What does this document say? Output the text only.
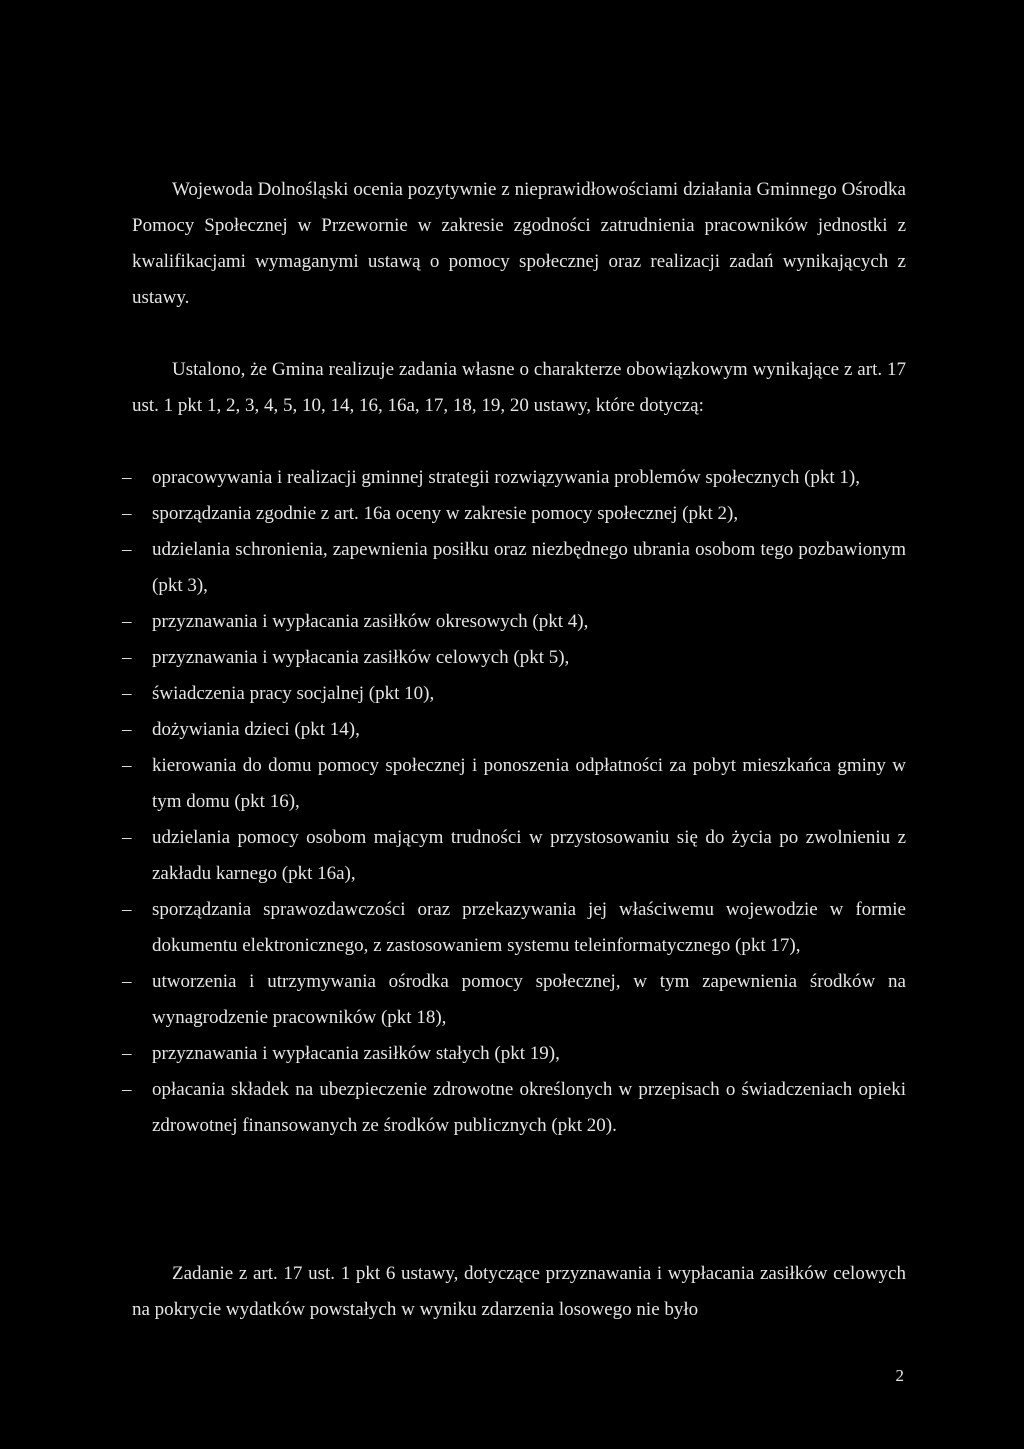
Wojewoda Dolnośląski ocenia pozytywnie z nieprawidłowościami działania Gminnego Ośrodka Pomocy Społecznej w Przewornie w zakresie zgodności zatrudnienia pracowników jednostki z kwalifikacjami wymaganymi ustawą o pomocy społecznej oraz realizacji zadań wynikających z ustawy.

Ustalono, że Gmina realizuje zadania własne o charakterze obowiązkowym wynikające z art. 17 ust. 1 pkt 1, 2, 3, 4, 5, 10, 14, 16, 16a, 17, 18, 19, 20 ustawy, które dotyczą:

– opracowywania i realizacji gminnej strategii rozwiązywania problemów społecznych (pkt 1),
– sporządzania zgodnie z art. 16a oceny w zakresie pomocy społecznej (pkt 2),
– udzielania schronienia, zapewnienia posiłku oraz niezbędnego ubrania osobom tego pozbawionym (pkt 3),
– przyznawania i wypłacania zasiłków okresowych (pkt 4),
– przyznawania i wypłacania zasiłków celowych (pkt 5),
– świadczenia pracy socjalnej (pkt 10),
– dożywiania dzieci (pkt 14),
– kierowania do domu pomocy społecznej i ponoszenia odpłatności za pobyt mieszkańca gminy w tym domu (pkt 16),
– udzielania pomocy osobom mającym trudności w przystosowaniu się do życia po zwolnieniu z zakładu karnego (pkt 16a),
– sporządzania sprawozdawczości oraz przekazywania jej właściwemu wojewodzie w formie dokumentu elektronicznego, z zastosowaniem systemu teleinformatycznego (pkt 17),
– utworzenia i utrzymywania ośrodka pomocy społecznej, w tym zapewnienia środków na wynagrodzenie pracowników (pkt 18),
– przyznawania i wypłacania zasiłków stałych (pkt 19),
– opłacania składek na ubezpieczenie zdrowotne określonych w przepisach o świadczeniach opieki zdrowotnej finansowanych ze środków publicznych (pkt 20).

Zadanie z art. 17 ust. 1 pkt 6 ustawy, dotyczące przyznawania i wypłacania zasiłków celowych na pokrycie wydatków powstałych w wyniku zdarzenia losowego nie było

2
